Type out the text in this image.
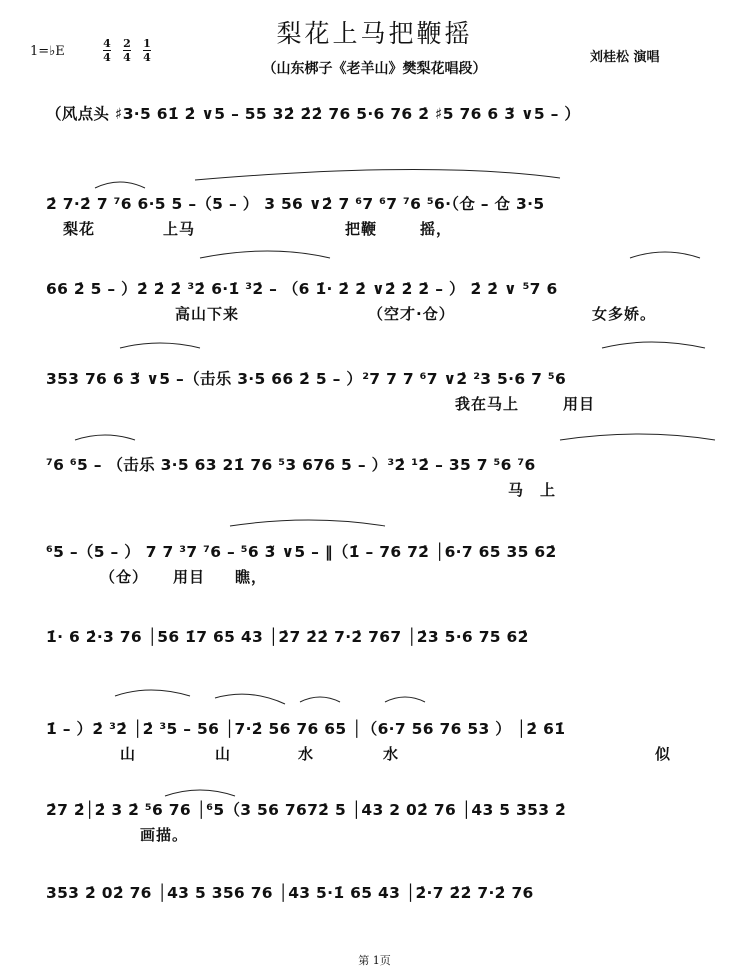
梨花上马把鞭摇
（山东梆子《老羊山》樊梨花唱段）
1=♭E	$\frac{4}{4} \frac{2}{4} \frac{1}{4}$	刘桂松 演唱
（风点头 ♯3·5 61̇ 2̇ ∨5 – 55 32̇ 2̇2̇ 76 5·6 76 2̇ ♯5 76 6 3̃ ∨5 – ）
2̇ 7·2̇ 7 ⁷6 6·5 5 –（5 – ） 3 56 ∨2̇ 7 ⁶7 ⁶7 ⁷6 ⁵6·（仓 – 仓 3·5
梨花	上马	把鞭	摇，
66 2̇ 5 – ）2̇ 2̇ 2̇ ³2̇ 6·1̇ ³2̇ – （6 1̇· 2̇ 2̇ ∨2̇ 2̇ 2̇ – ） 2̇ 2̇ ∨ ⁵7 6
高山下来	（空才·仓）	女多娇。
353 76 6 3̃ ∨5 –（击乐 3·5 66 2̇ 5 – ）²7 7 7 ⁶7 ∨2̇ ²3 5·6 7 ⁵6
我在马上	用目
⁷6 ⁶5 – （击乐 3·5 63 21̇ 76 ⁵3 676 5 – ）³2̇ ¹2̇ – 35 7 ⁵6 ⁷6
马 上
⁶5 –（5 – ） 7 7 ³7 ⁷6 – ⁵6 3̃ ∨5 – ‖（1̇ – 76 72̇ │6·7 65 35 62̇
（仓） 用目 瞧，
1̇· 6 2̇·3 76 │56 1̇7 65 43 │2̇7 2̇2̇ 7·2̇ 767 │2̇3 5·6 75 62̇
1̇ – ）2̇ ³2̇ │2̇ ³5 – 56 │7·2̇ 56 76 65 │（6·7 56 76 53 ） │2̇ 61̇
山	山	水	水	似
2̇7 2̇│2̇ 3 2̇ ⁵6 76 │⁶5（3 56 7672̇ 5 │43 2 02̇ 76 │43 5 353 2̇
画描。
353 2̇ 02̇ 76 │43 5 356 76 │43 5·1̇ 65 43 │2̇·7 2̇2̇ 7·2̇ 76
第 1页
